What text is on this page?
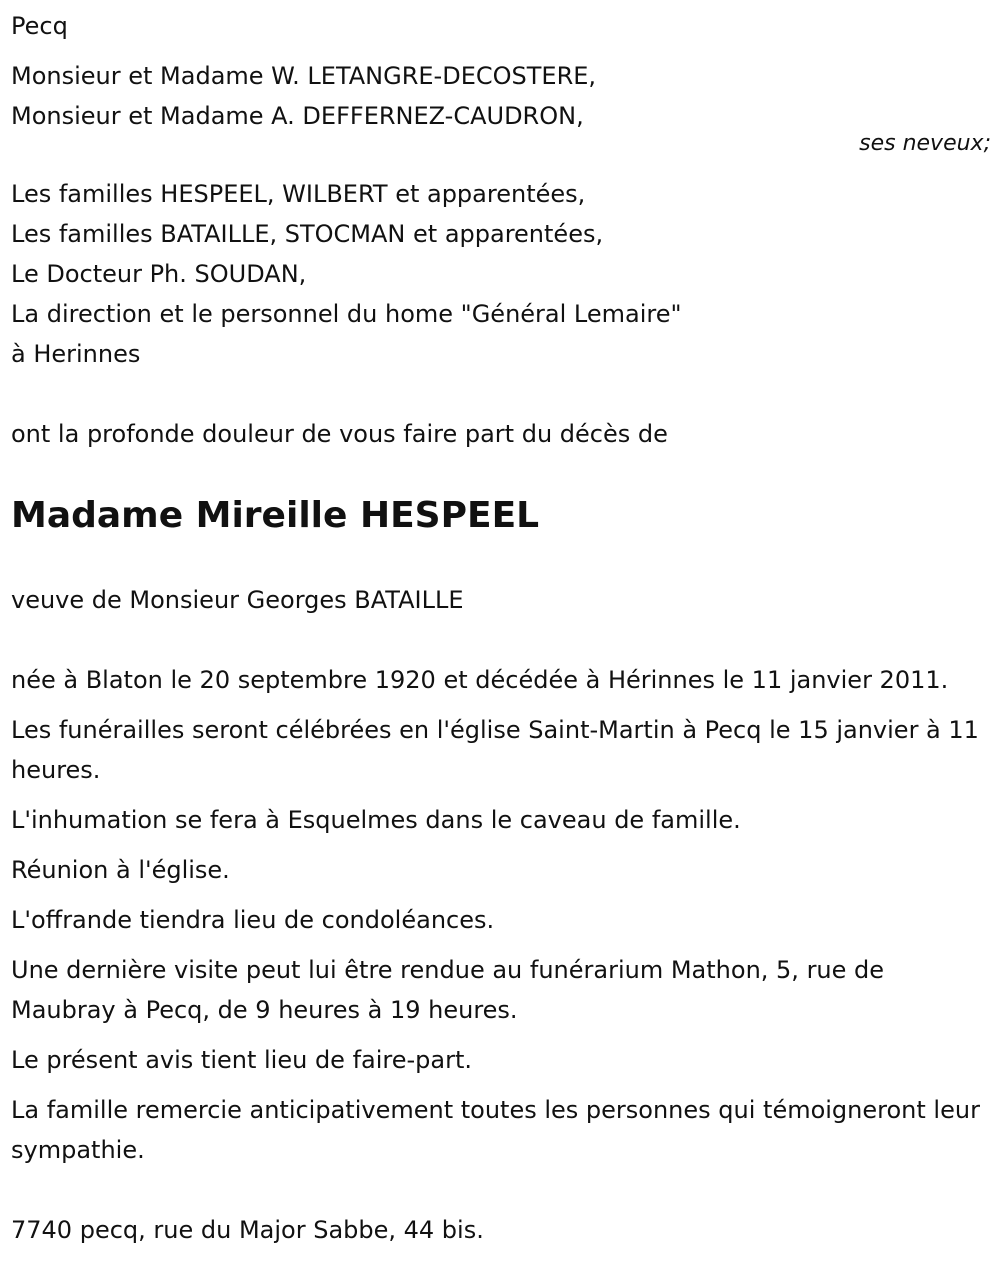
Pecq
Monsieur et Madame W. LETANGRE-DECOSTERE,
Monsieur et Madame A. DEFFERNEZ-CAUDRON,
ses neveux;
Les familles HESPEEL, WILBERT et apparentées,
Les familles BATAILLE, STOCMAN et apparentées,
Le Docteur Ph. SOUDAN,
La direction et le personnel du home "Général Lemaire"
à Herinnes
ont la profonde douleur de vous faire part du décès de
Madame Mireille HESPEEL
veuve de Monsieur Georges BATAILLE
née à Blaton le 20 septembre 1920 et décédée à Hérinnes le 11 janvier 2011.
Les funérailles seront célébrées en l'église Saint-Martin à Pecq le 15 janvier à 11 heures.
L'inhumation se fera à Esquelmes dans le caveau de famille.
Réunion à l'église.
L'offrande tiendra lieu de condoléances.
Une dernière visite peut lui être rendue au funérarium Mathon, 5, rue de Maubray à Pecq, de 9 heures à 19 heures.
Le présent avis tient lieu de faire-part.
La famille remercie anticipativement toutes les personnes qui témoigneront leur sympathie.
7740 pecq, rue du Major Sabbe, 44 bis.
